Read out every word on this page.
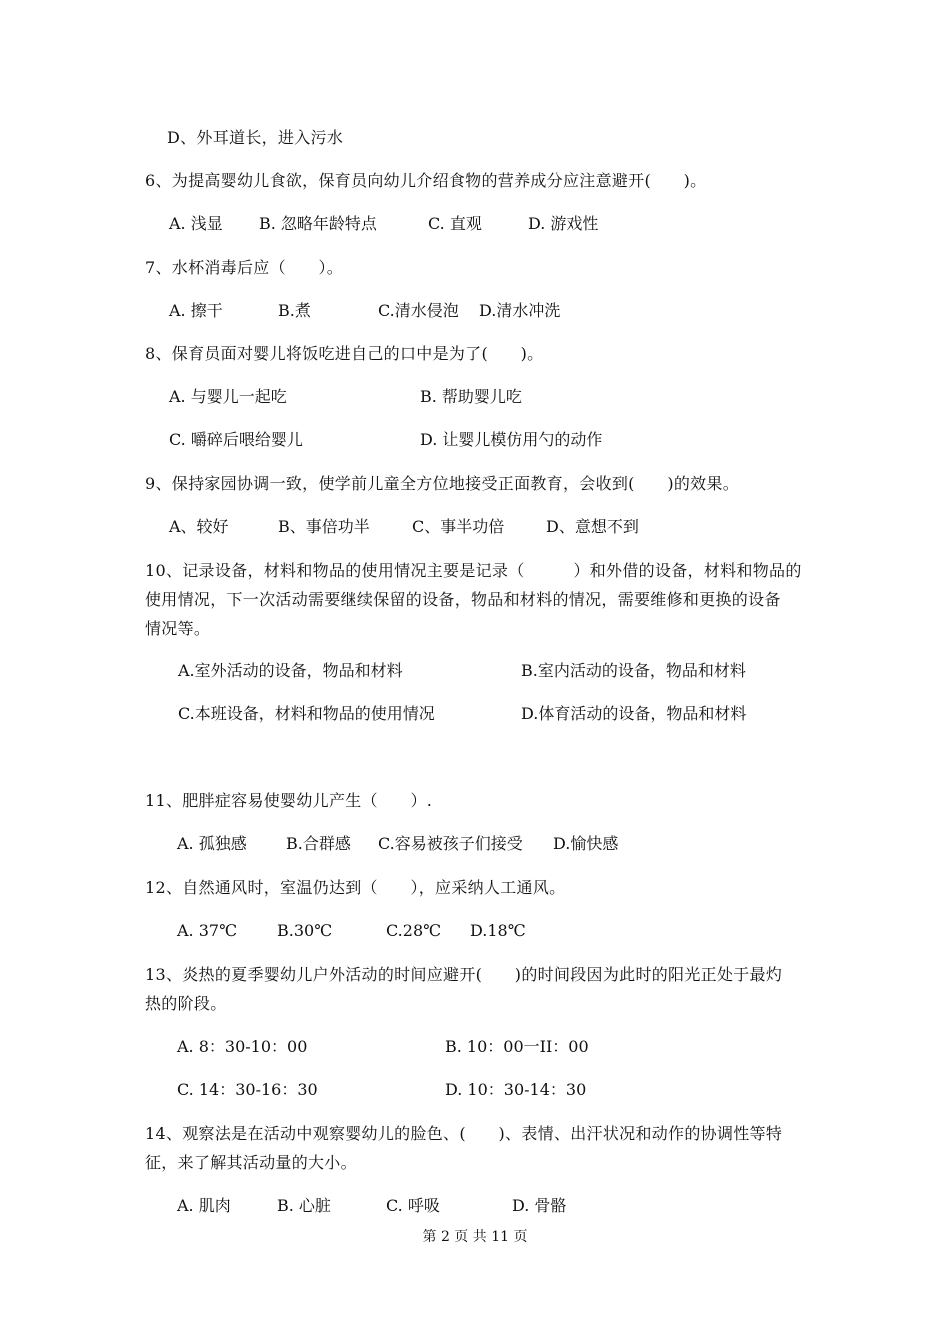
D、外耳道长，进入污水
6、为提高婴幼儿食欲，保育员向幼儿介绍食物的营养成分应注意避开(　　)。
A. 浅显 B. 忽略年龄特点	C. 直观	D. 游戏性
7、水杯消毒后应（　　）。
A. 擦干	B.煮	C.清水侵泡 D.清水冲洗
8、保育员面对婴儿将饭吃进自己的口中是为了(　　)。
A. 与婴儿一起吃	B. 帮助婴儿吃
C. 嚼碎后喂给婴儿	D. 让婴儿模仿用勺的动作
9、保持家园协调一致，使学前儿童全方位地接受正面教育，会收到(　　)的效果。
A、较好	B、事倍功半	C、事半功倍	D、意想不到
10、记录设备，材料和物品的使用情况主要是记录（　　　）和外借的设备，材料和物品的
使用情况，下一次活动需要继续保留的设备，物品和材料的情况，需要维修和更换的设备
情况等。
A.室外活动的设备，物品和材料	B.室内活动的设备，物品和材料
C.本班设备，材料和物品的使用情况	D.体育活动的设备，物品和材料
11、肥胖症容易使婴幼儿产生（　　）.
A. 孤独感 B.合群感 C.容易被孩子们接受 D.愉快感
12、自然通风时，室温仍达到（　　），应采纳人工通风。
A. 37℃	B.30℃	C.28℃ D.18℃
13、炎热的夏季婴幼儿户外活动的时间应避开(　　)的时间段因为此时的阳光正处于最灼
热的阶段。
A. 8：30-10：00	B. 10：00一II：00
C. 14：30-16：30	D. 10：30-14：30
14、观察法是在活动中观察婴幼儿的脸色、(　　)、表情、出汗状况和动作的协调性等特
征，来了解其活动量的大小。
A. 肌肉	B. 心脏	C. 呼吸	D. 骨骼
第 2 页 共 11 页
